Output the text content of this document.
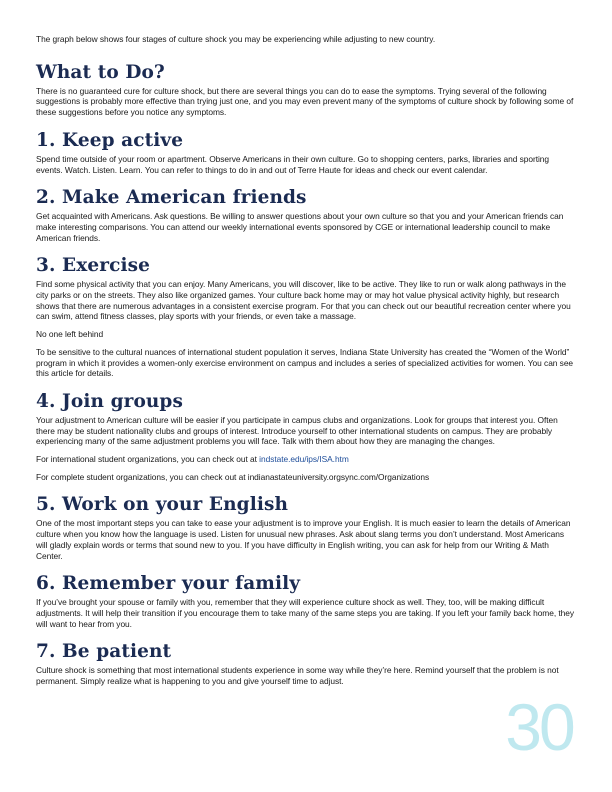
30

The graph below shows four stages of culture shock you may be experiencing while adjusting to new country.

What to Do?

There is no guaranteed cure for culture shock, but there are several things you can do to ease the symptoms. Trying several of the following suggestions is probably more effective than trying just one, and you may even prevent many of the symptoms of culture shock by following some of these suggestions before you notice any symptoms.

1. Keep active

Spend time outside of your room or apartment. Observe Americans in their own culture. Go to shopping centers, parks, libraries and sporting events. Watch. Listen. Learn. You can refer to things to do in and out of Terre Haute for ideas and check our event calendar.

2. Make American friends

Get acquainted with Americans. Ask questions. Be willing to answer questions about your own culture so that you and your American friends can make interesting comparisons. You can attend our weekly international events sponsored by CGE or international leadership council to make American friends.

3. Exercise

Find some physical activity that you can enjoy. Many Americans, you will discover, like to be active. They like to run or walk along pathways in the city parks or on the streets. They also like organized games. Your culture back home may or may hot value physical activity highly, but research shows that there are numerous advantages in a consistent exercise program. For that you can check out our beautiful recreation center where you can swim, attend fitness classes, play sports with your friends, or even take a massage.

No one left behind

To be sensitive to the cultural nuances of international student population it serves, Indiana State University has created the “Women of the World” program in which it provides a women-only exercise environment on campus and includes a series of specialized activities for women. You can see this article for details.

4. Join groups

Your adjustment to American culture will be easier if you participate in campus clubs and organizations. Look for groups that interest you. Often there may be student nationality clubs and groups of interest. Introduce yourself to other international students on campus. They are probably experiencing many of the same adjustment problems you will face. Talk with them about how they are managing the changes.

For international student organizations, you can check out at indstate.edu/ips/ISA.htm

For complete student organizations, you can check out at indianastateuniversity.orgsync.com/Organizations

5. Work on your English

One of the most important steps you can take to ease your adjustment is to improve your English. It is much easier to learn the details of American culture when you know how the language is used. Listen for unusual new phrases. Ask about slang terms you don’t understand. Most Americans will gladly explain words or terms that sound new to you. If you have difficulty in English writing, you can ask for help from our Writing & Math Center.

6. Remember your family

If you’ve brought your spouse or family with you, remember that they will experience culture shock as well. They, too, will be making difficult adjustments. It will help their transition if you encourage them to take many of the same steps you are taking. If you left your family back home, they will want to hear from you.

7. Be patient

Culture shock is something that most international students experience in some way while they’re here. Remind yourself that the problem is not permanent. Simply realize what is happening to you and give yourself time to adjust.
